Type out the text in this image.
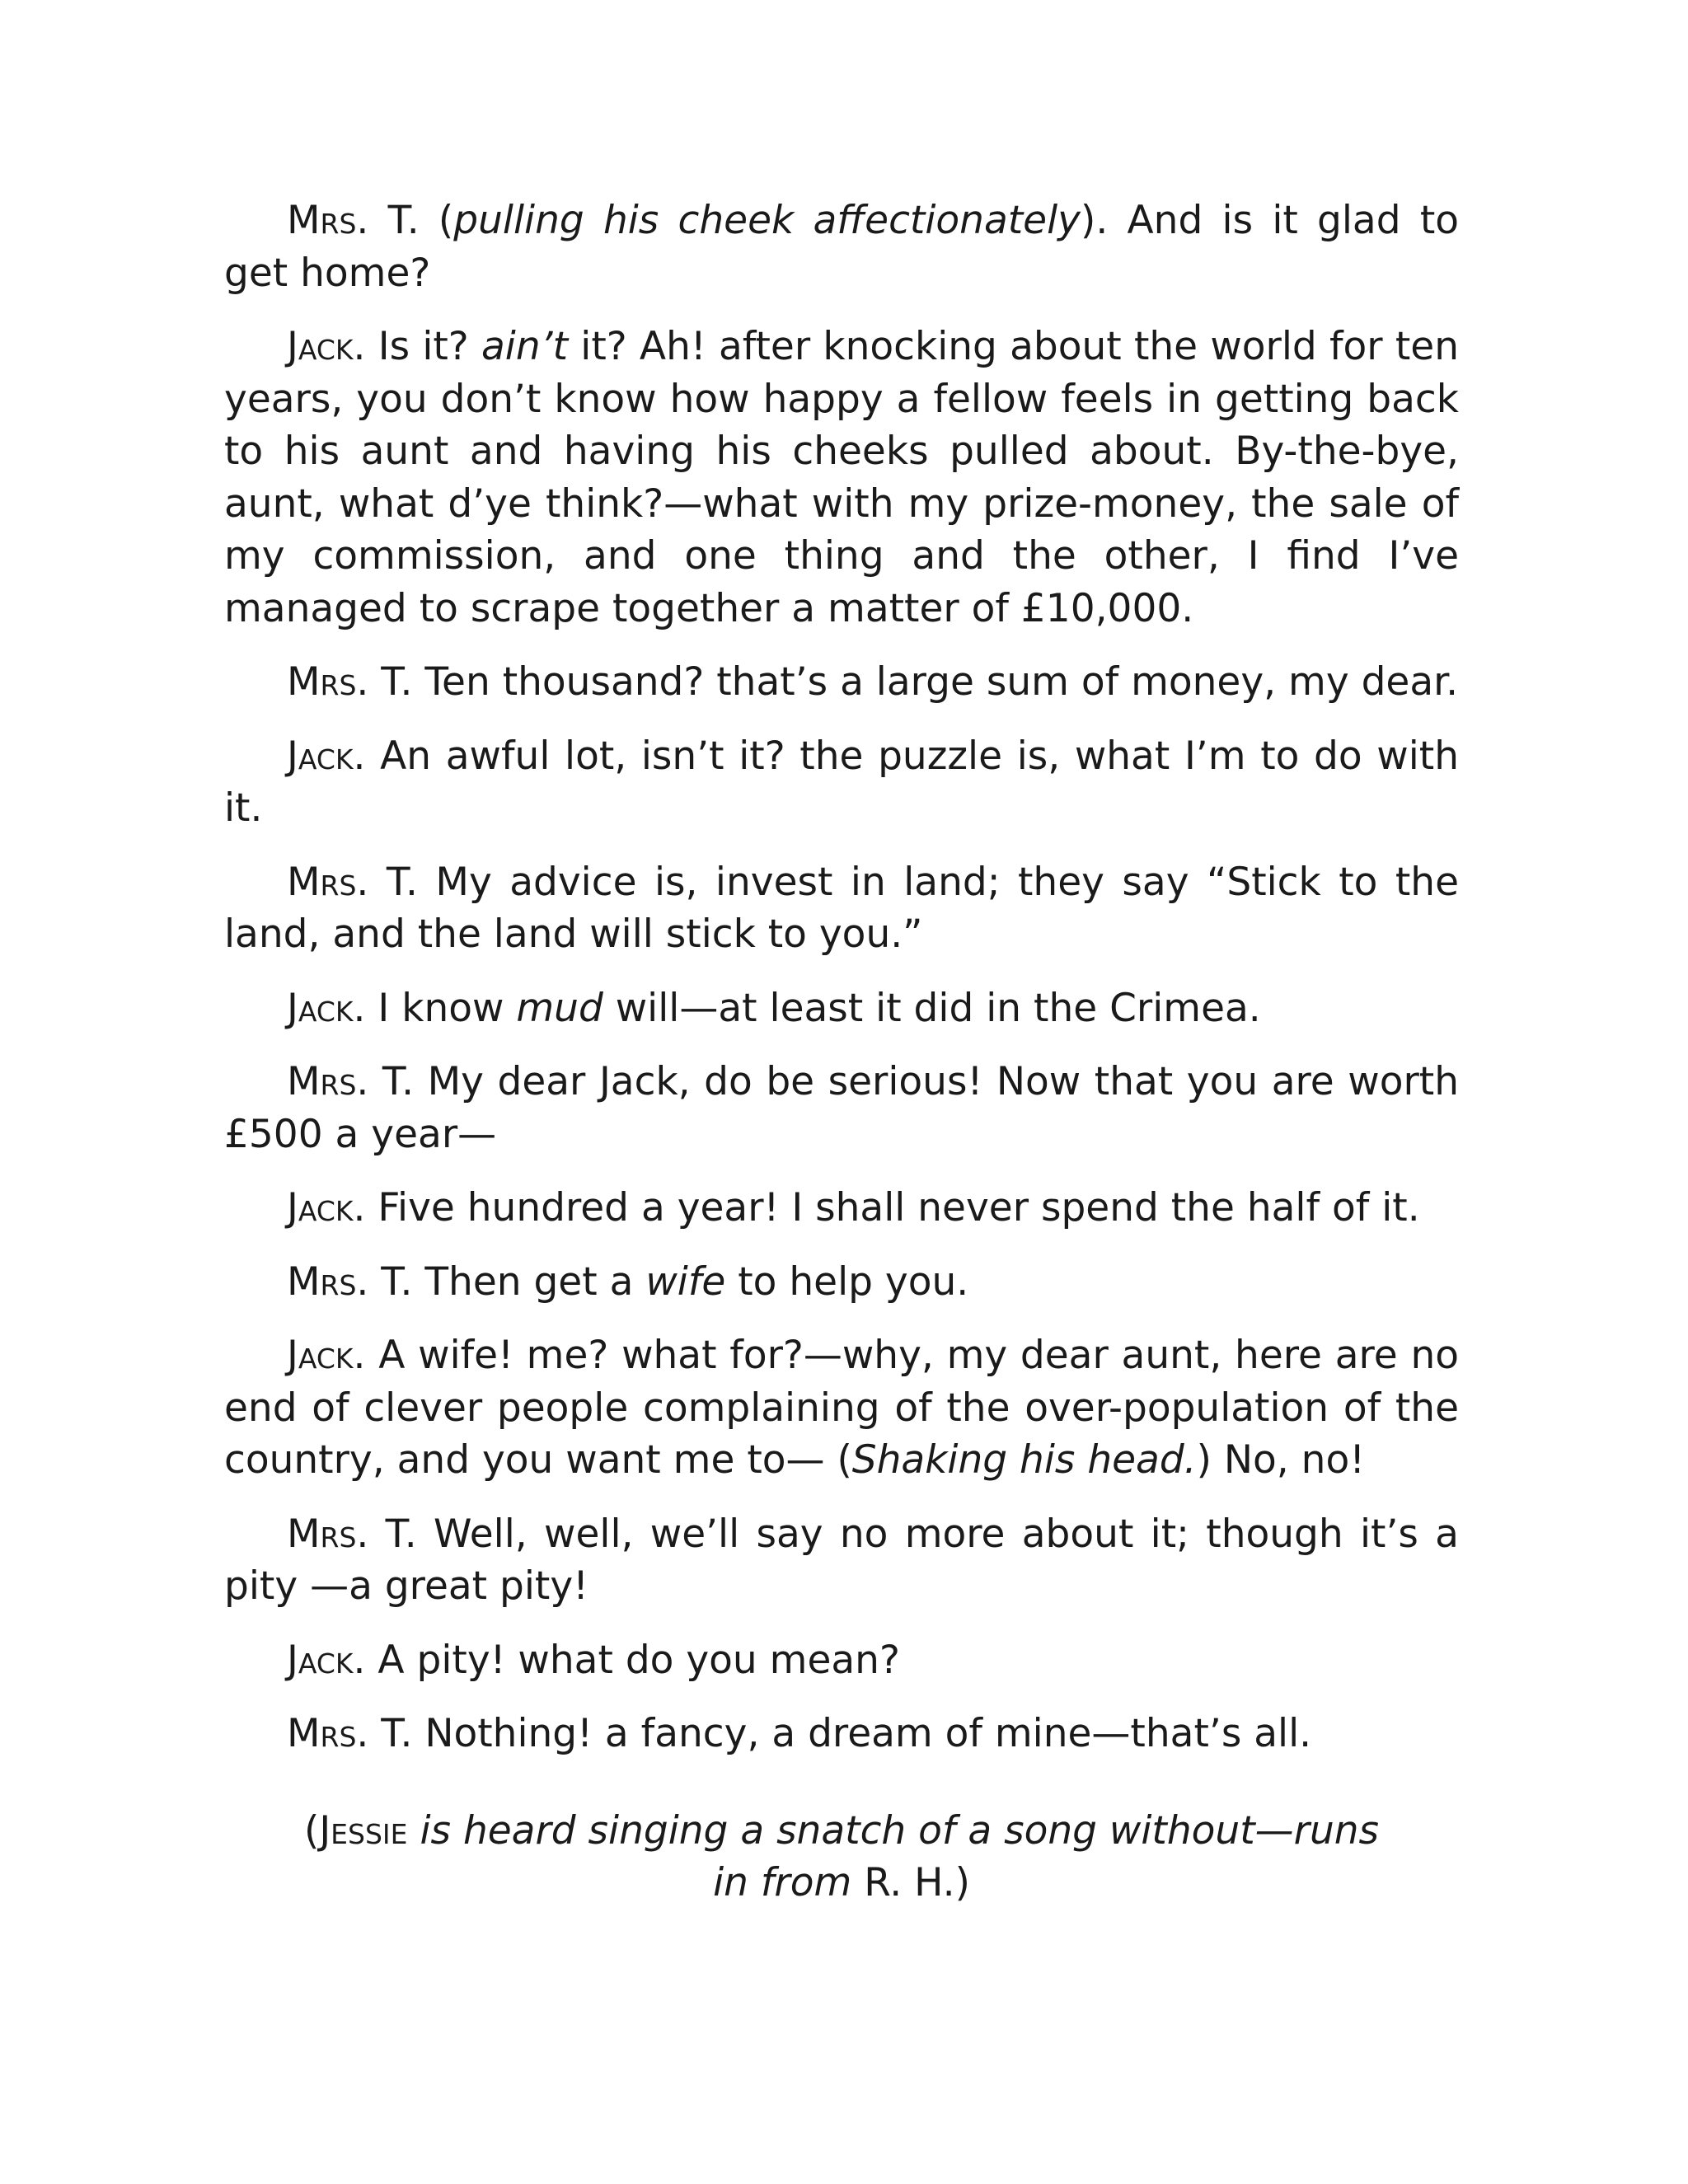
Mrs. T. (pulling his cheek affectionately). And is it glad to get home?

Jack. Is it? ain’t it? Ah! after knocking about the world for ten years, you don’t know how happy a fellow feels in getting back to his aunt and having his cheeks pulled about. By-the-bye, aunt, what d’ye think?—what with my prize-money, the sale of my commission, and one thing and the other, I find I’ve managed to scrape together a matter of £10,000.

Mrs. T. Ten thousand? that’s a large sum of money, my dear.

Jack. An awful lot, isn’t it? the puzzle is, what I’m to do with it.

Mrs. T. My advice is, invest in land; they say “Stick to the land, and the land will stick to you.”

Jack. I know mud will—at least it did in the Crimea.

Mrs. T. My dear Jack, do be serious! Now that you are worth £500 a year—

Jack. Five hundred a year! I shall never spend the half of it.

Mrs. T. Then get a wife to help you.

Jack. A wife! me? what for?—why, my dear aunt, here are no end of clever people complaining of the over-population of the country, and you want me to— (Shaking his head.) No, no!

Mrs. T. Well, well, we’ll say no more about it; though it’s a pity —a great pity!

Jack. A pity! what do you mean?

Mrs. T. Nothing! a fancy, a dream of mine—that’s all.

(Jessie is heard singing a snatch of a song without—runs in from R. H.)
